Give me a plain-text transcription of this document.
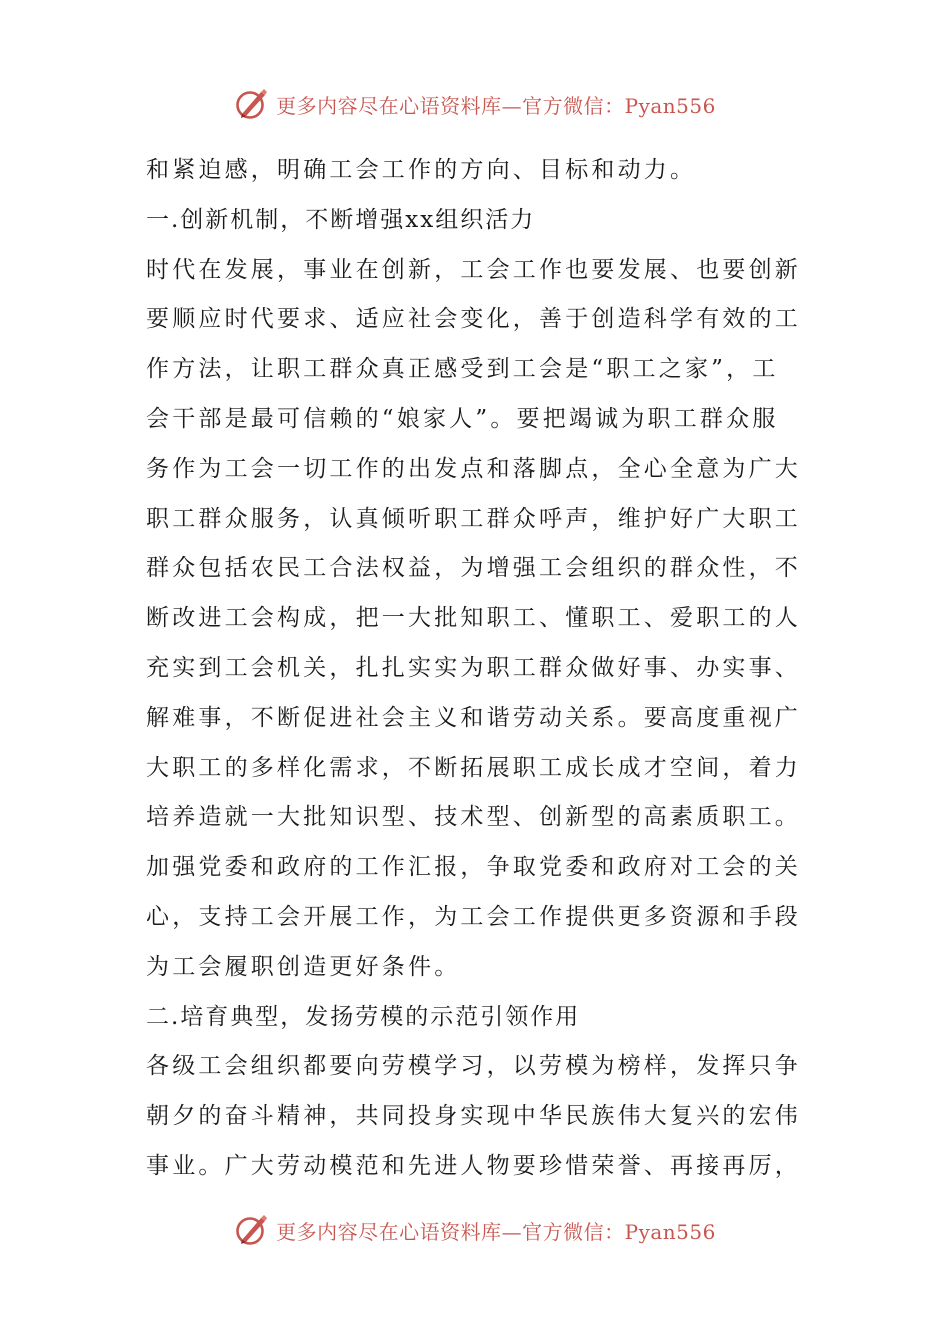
更多内容尽在心语资料库—官方微信：Pyan556
和紧迫感，明确工会工作的方向、目标和动力。
一.创新机制，不断增强xx组织活力
时代在发展，事业在创新，工会工作也要发展、也要创新
要顺应时代要求、适应社会变化，善于创造科学有效的工
作方法，让职工群众真正感受到工会是“职工之家”，工
会干部是最可信赖的“娘家人”。要把竭诚为职工群众服
务作为工会一切工作的出发点和落脚点，全心全意为广大
职工群众服务，认真倾听职工群众呼声，维护好广大职工
群众包括农民工合法权益，为增强工会组织的群众性，不
断改进工会构成，把一大批知职工、懂职工、爱职工的人
充实到工会机关，扎扎实实为职工群众做好事、办实事、
解难事，不断促进社会主义和谐劳动关系。要高度重视广
大职工的多样化需求，不断拓展职工成长成才空间，着力
培养造就一大批知识型、技术型、创新型的高素质职工。
加强党委和政府的工作汇报，争取党委和政府对工会的关
心，支持工会开展工作，为工会工作提供更多资源和手段
为工会履职创造更好条件。
二.培育典型，发扬劳模的示范引领作用
各级工会组织都要向劳模学习，以劳模为榜样，发挥只争
朝夕的奋斗精神，共同投身实现中华民族伟大复兴的宏伟
事业。广大劳动模范和先进人物要珍惜荣誉、再接再厉，
更多内容尽在心语资料库—官方微信：Pyan556
